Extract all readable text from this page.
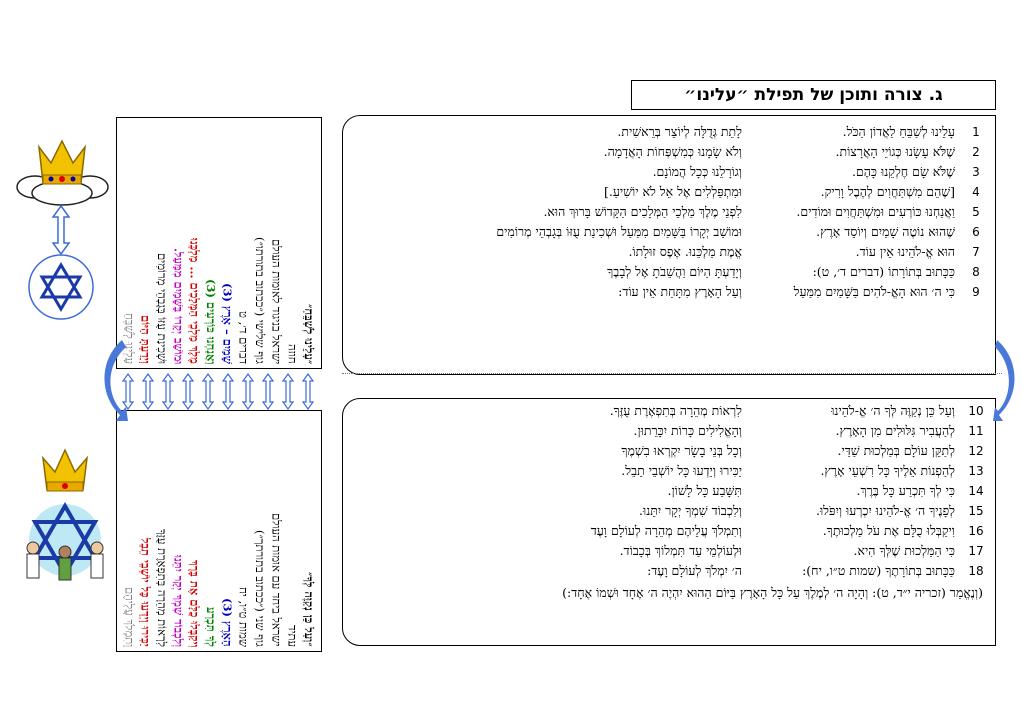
ג. צורה ותוכן של תפילת ״עלינו״
1
עָלֵינוּ לְשַׁבֵּחַ לַאֲדוֹן הַכֹּל.
לָתֵת גְּדֻלָּה לְיוֹצֵר בְּרֵאשִׁית.
2
שֶׁלֹּא עָשָׂנוּ כְּגוֹיֵי הָאֲרָצוֹת.
וְלֹא שָׂמָנוּ כְּמִשְׁפְּחוֹת הָאֲדָמָה.
3
שֶׁלֹּא שָׂם חֶלְקֵנוּ כָּהֶם.
וְגוֹרָלֵנוּ כְּכָל הֲמוֹנָם.
4
[שֶׁהֵם מִשְׁתַּחֲוִים לְהֶבֶל וָרִיק.
וּמִתְפַּלְלִים אֶל אֵל לֹא יוֹשִׁיעַ.]
5
וַאֲנַחְנוּ כּוֹרְעִים וּמִשְׁתַּחֲוִים וּמוֹדִים.
לִפְנֵי מֶלֶךְ מַלְכֵי הַמְּלָכִים הַקָּדוֹשׁ בָּרוּךְ הוּא.
6
שֶׁהוּא נוֹטֶה שָׁמַיִם וְיוֹסֵד אָרֶץ.
וּמוֹשַׁב יְקָרוֹ בַּשָּׁמַיִם מִמַּעַל וּשְׁכִינַת עֻזּוֹ בְּגָבְהֵי מְרוֹמִים
7
הוּא אֱ-לֹהֵינוּ אֵין עוֹד.
אֱמֶת מַלְכֵּנוּ. אֶפֶס זוּלָתוֹ.
8
כַּכָּתוּב בְּתוֹרָתוֹ (דברים ד׳, ט):
וְיָדַעְתָּ הַיּוֹם וַהֲשֵׁבֹתָ אֶל לְבָבֶךָ
9
כִּי ה׳ הוּא הָאֱ-לֹהִים בַּשָּׁמַיִם מִמַּעַל
וְעַל הָאָרֶץ מִתָּחַת אֵין עוֹד:
10
וְעַל כֵּן נְקַוֶּה לְּךָ ה׳ אֱ-לֹהֵינוּ
לִרְאוֹת מְהֵרָה בְּתִפְאֶרֶת עֻזֶּךָ.
11
לְהַעֲבִיר גִּלּוּלִים מִן הָאָרֶץ.
וְהָאֱלִילִים כָּרוֹת יִכָּרֵתוּן.
12
לְתַקֵּן עוֹלָם בְּמַלְכוּת שַׁדַּי.
וְכָל בְּנֵי בָשָׂר יִקְרְאוּ בִשְׁמֶךָ
13
לְהַפְנוֹת אֵלֶיךָ כָּל רִשְׁעֵי אָרֶץ.
יַכִּירוּ וְיֵדְעוּ כָּל יוֹשְׁבֵי תֵבֵל.
14
כִּי לְךָ תִּכְרַע כָּל בֶּרֶךְ.
תִּשָּׁבַע כָּל לָשׁוֹן.
15
לְפָנֶיךָ ה׳ אֱ-לֹהֵינוּ יִכְרְעוּ וְיִפֹּלוּ.
וְלִכְבוֹד שִׁמְךָ יְקָר יִתֵּנוּ.
16
וִיקַבְּלוּ כֻלָּם אֶת עֹל מַלְכוּתֶךָ.
וְתִמְלֹךְ עֲלֵיהֶם מְהֵרָה לְעוֹלָם וָעֶד
17
כִּי הַמַּלְכוּת שֶׁלְּךָ הִיא.
וּלְעוֹלְמֵי עַד תִּמְלוֹךְ בְּכָבוֹד.
18
כַּכָּתוּב בְּתוֹרָתֶךָ (שמות ט״ו, יח):
ה׳ יִמְלֹךְ לְעוֹלָם וָעֶד:
(וְנֶאֱמַר (זכריה י״ד, ט): וְהָיָה ה׳ לְמֶלֶךְ עַל כָּל הָאָרֶץ בַּיּוֹם הַהוּא יִהְיֶה ה׳ אֶחָד וּשְׁמוֹ אֶחָד:)
״עָלֵינוּ לְשַׁבֵּחַ״
חוזה
ישראל בניגוד לאומות העולם
גוף שלישי (״ככתוב בתורתו״)
דברים ד׳, ט
שָׁמַיִם – אָרֶץ (3)
וַאֲנַחְנוּ כּוֹרְעִים (3)
מֶלֶךְ מַלְכֵי הַמְּלָכִים ... מַלְכֵּנוּ
וּמוֹשַׁב יְקָרוֹ בַּשָּׁמַיִם מִמַּעַל.
וּשְׁכִינַת עֻזּוֹ בְּגָבְהֵי מְרוֹמִים
וְיָדַעְתָּ הַיּוֹם
עָלֵינוּ לְשַׁבֵּחַ
״וְעַל כֵּן נְקַוֶּה לְּךָ״
עתיד
ישראל ביחד עם אומות העולם
גוף שני (״ככתוב בתורתך״)
שמות ט״ו, יח
הָאָרֶץ (3)
לְךָ תִּכְרַע
וִיקַבְּלוּ כֻלָּם אֶת בָּרֶךְ
וְלִכְבוֹד שִׁמְךָ יְקָר יִתֵּנוּ
לִרְאוֹת מְהֵרָה בְּתִפְאֶרֶת עֻזֶּךָ
יַכִּירוּ וְיֵדְעוּ כָּל יוֹשְׁבֵי תֵבֵל
וְתִמְלֹךְ עֲלֵיהֶם
